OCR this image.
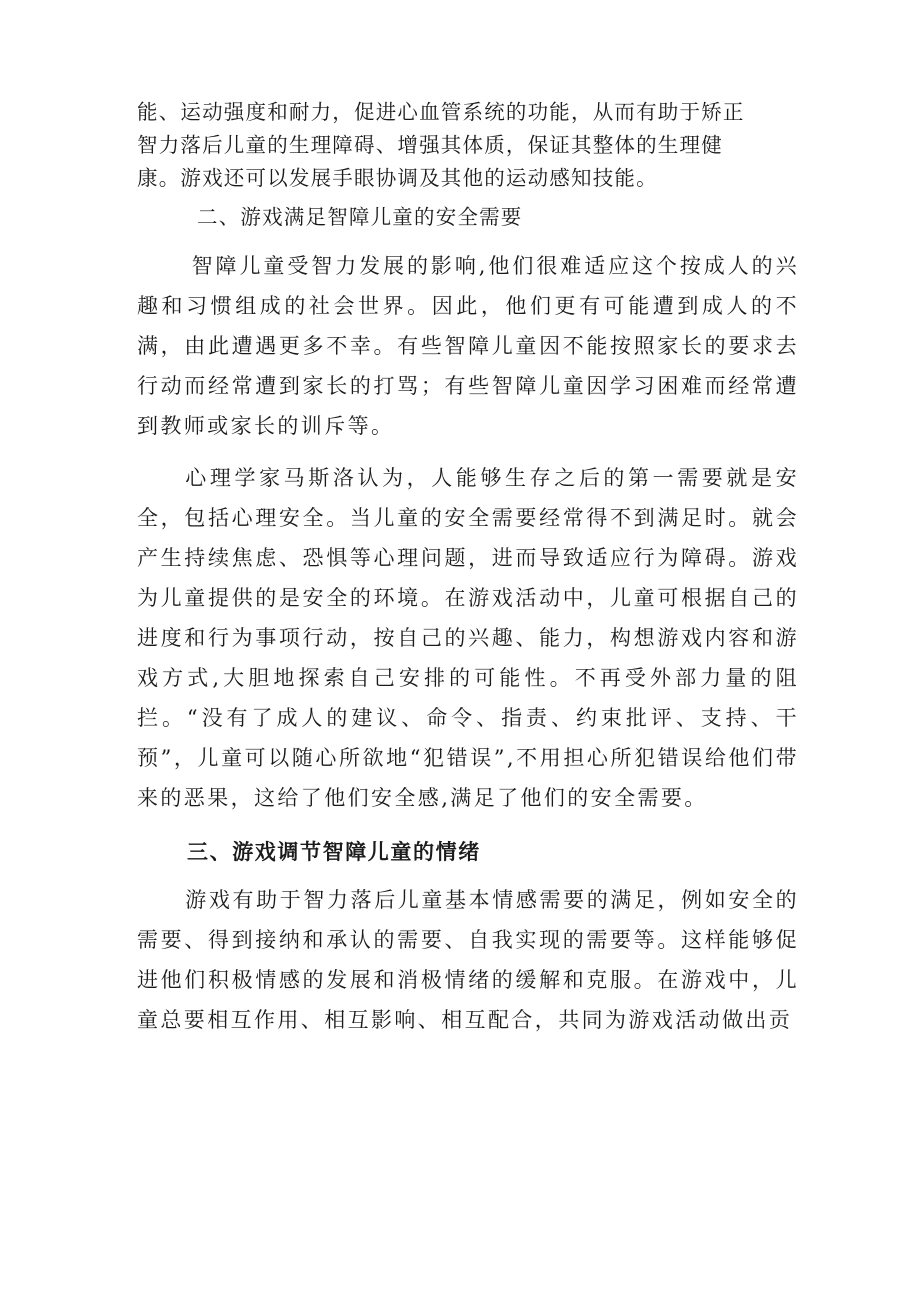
能、运动强度和耐力，促进心血管系统的功能，从而有助于矫正
智力落后儿童的生理障碍、增强其体质，保证其整体的生理健
康。游戏还可以发展手眼协调及其他的运动感知技能。

二、游戏满足智障儿童的安全需要

智障儿童受智力发展的影响,他们很难适应这个按成人的兴趣和习惯组成的社会世界。因此，他们更有可能遭到成人的不满，由此遭遇更多不幸。有些智障儿童因不能按照家长的要求去行动而经常遭到家长的打骂；有些智障儿童因学习困难而经常遭到教师或家长的训斥等。

心理学家马斯洛认为，人能够生存之后的第一需要就是安全，包括心理安全。当儿童的安全需要经常得不到满足时。就会产生持续焦虑、恐惧等心理问题，进而导致适应行为障碍。游戏为儿童提供的是安全的环境。在游戏活动中，儿童可根据自己的进度和行为事项行动，按自己的兴趣、能力，构想游戏内容和游戏方式,大胆地探索自己安排的可能性。不再受外部力量的阻拦。“没有了成人的建议、命令、指责、约束批评、支持、干预”，儿童可以随心所欲地“犯错误”,不用担心所犯错误给他们带来的恶果，这给了他们安全感,满足了他们的安全需要。

三、游戏调节智障儿童的情绪

游戏有助于智力落后儿童基本情感需要的满足，例如安全的需要、得到接纳和承认的需要、自我实现的需要等。这样能够促进他们积极情感的发展和消极情绪的缓解和克服。在游戏中，儿童总要相互作用、相互影响、相互配合，共同为游戏活动做出贡
